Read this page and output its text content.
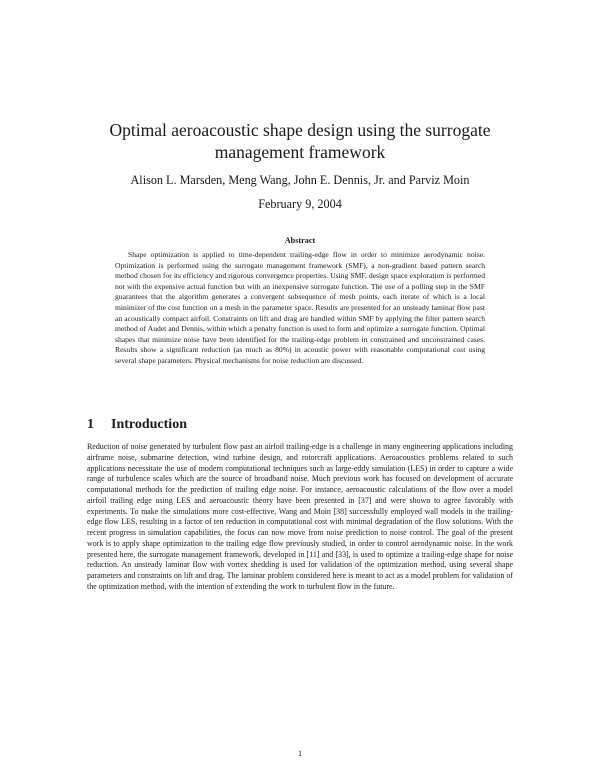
Optimal aeroacoustic shape design using the surrogate management framework
Alison L. Marsden, Meng Wang, John E. Dennis, Jr. and Parviz Moin
February 9, 2004
Abstract

Shape optimization is applied to time-dependent trailing-edge flow in order to minimize aerodynamic noise. Optimization is performed using the surrogate management framework (SMF), a non-gradient based pattern search method chosen for its efficiency and rigorous convergence properties. Using SMF, design space exploration is performed not with the expensive actual function but with an inexpensive surrogate function. The use of a polling step in the SMF guarantees that the algorithm generates a convergent subsequence of mesh points, each iterate of which is a local minimizer of the cost function on a mesh in the parameter space. Results are presented for an unsteady laminar flow past an acoustically compact airfoil. Constraints on lift and drag are handled within SMF by applying the filter pattern search method of Audet and Dennis, within which a penalty function is used to form and optimize a surrogate function. Optimal shapes that minimize noise have been identified for the trailing-edge problem in constrained and unconstrained cases. Results show a significant reduction (as much as 80%) in acoustic power with reasonable computational cost using several shape parameters. Physical mechanisms for noise reduction are discussed.

1 Introduction

Reduction of noise generated by turbulent flow past an airfoil trailing-edge is a challenge in many engineering applications including airframe noise, submarine detection, wind turbine design, and rotorcraft applications. Aeroacoustics problems related to such applications necessitate the use of modern computational techniques such as large-eddy simulation (LES) in order to capture a wide range of turbulence scales which are the source of broadband noise. Much previous work has focused on development of accurate computational methods for the prediction of trailing edge noise. For instance, aeroacoustic calculations of the flow over a model airfoil trailing edge using LES and aeroacoustic theory have been presented in [37] and were shown to agree favorably with experiments. To make the simulations more cost-effective, Wang and Moin [38] successfully employed wall models in the trailing-edge flow LES, resulting in a factor of ten reduction in computational cost with minimal degradation of the flow solutions. With the recent progress in simulation capabilities, the focus can now move from noise prediction to noise control. The goal of the present work is to apply shape optimization to the trailing edge flow previously studied, in order to control aerodynamic noise. In the work presented here, the surrogate management framework, developed in [11] and [33], is used to optimize a trailing-edge shape for noise reduction. An unsteady laminar flow with vortex shedding is used for validation of the optimization method, using several shape parameters and constraints on lift and drag. The laminar problem considered here is meant to act as a model problem for validation of the optimization method, with the intention of extending the work to turbulent flow in the future.

1
